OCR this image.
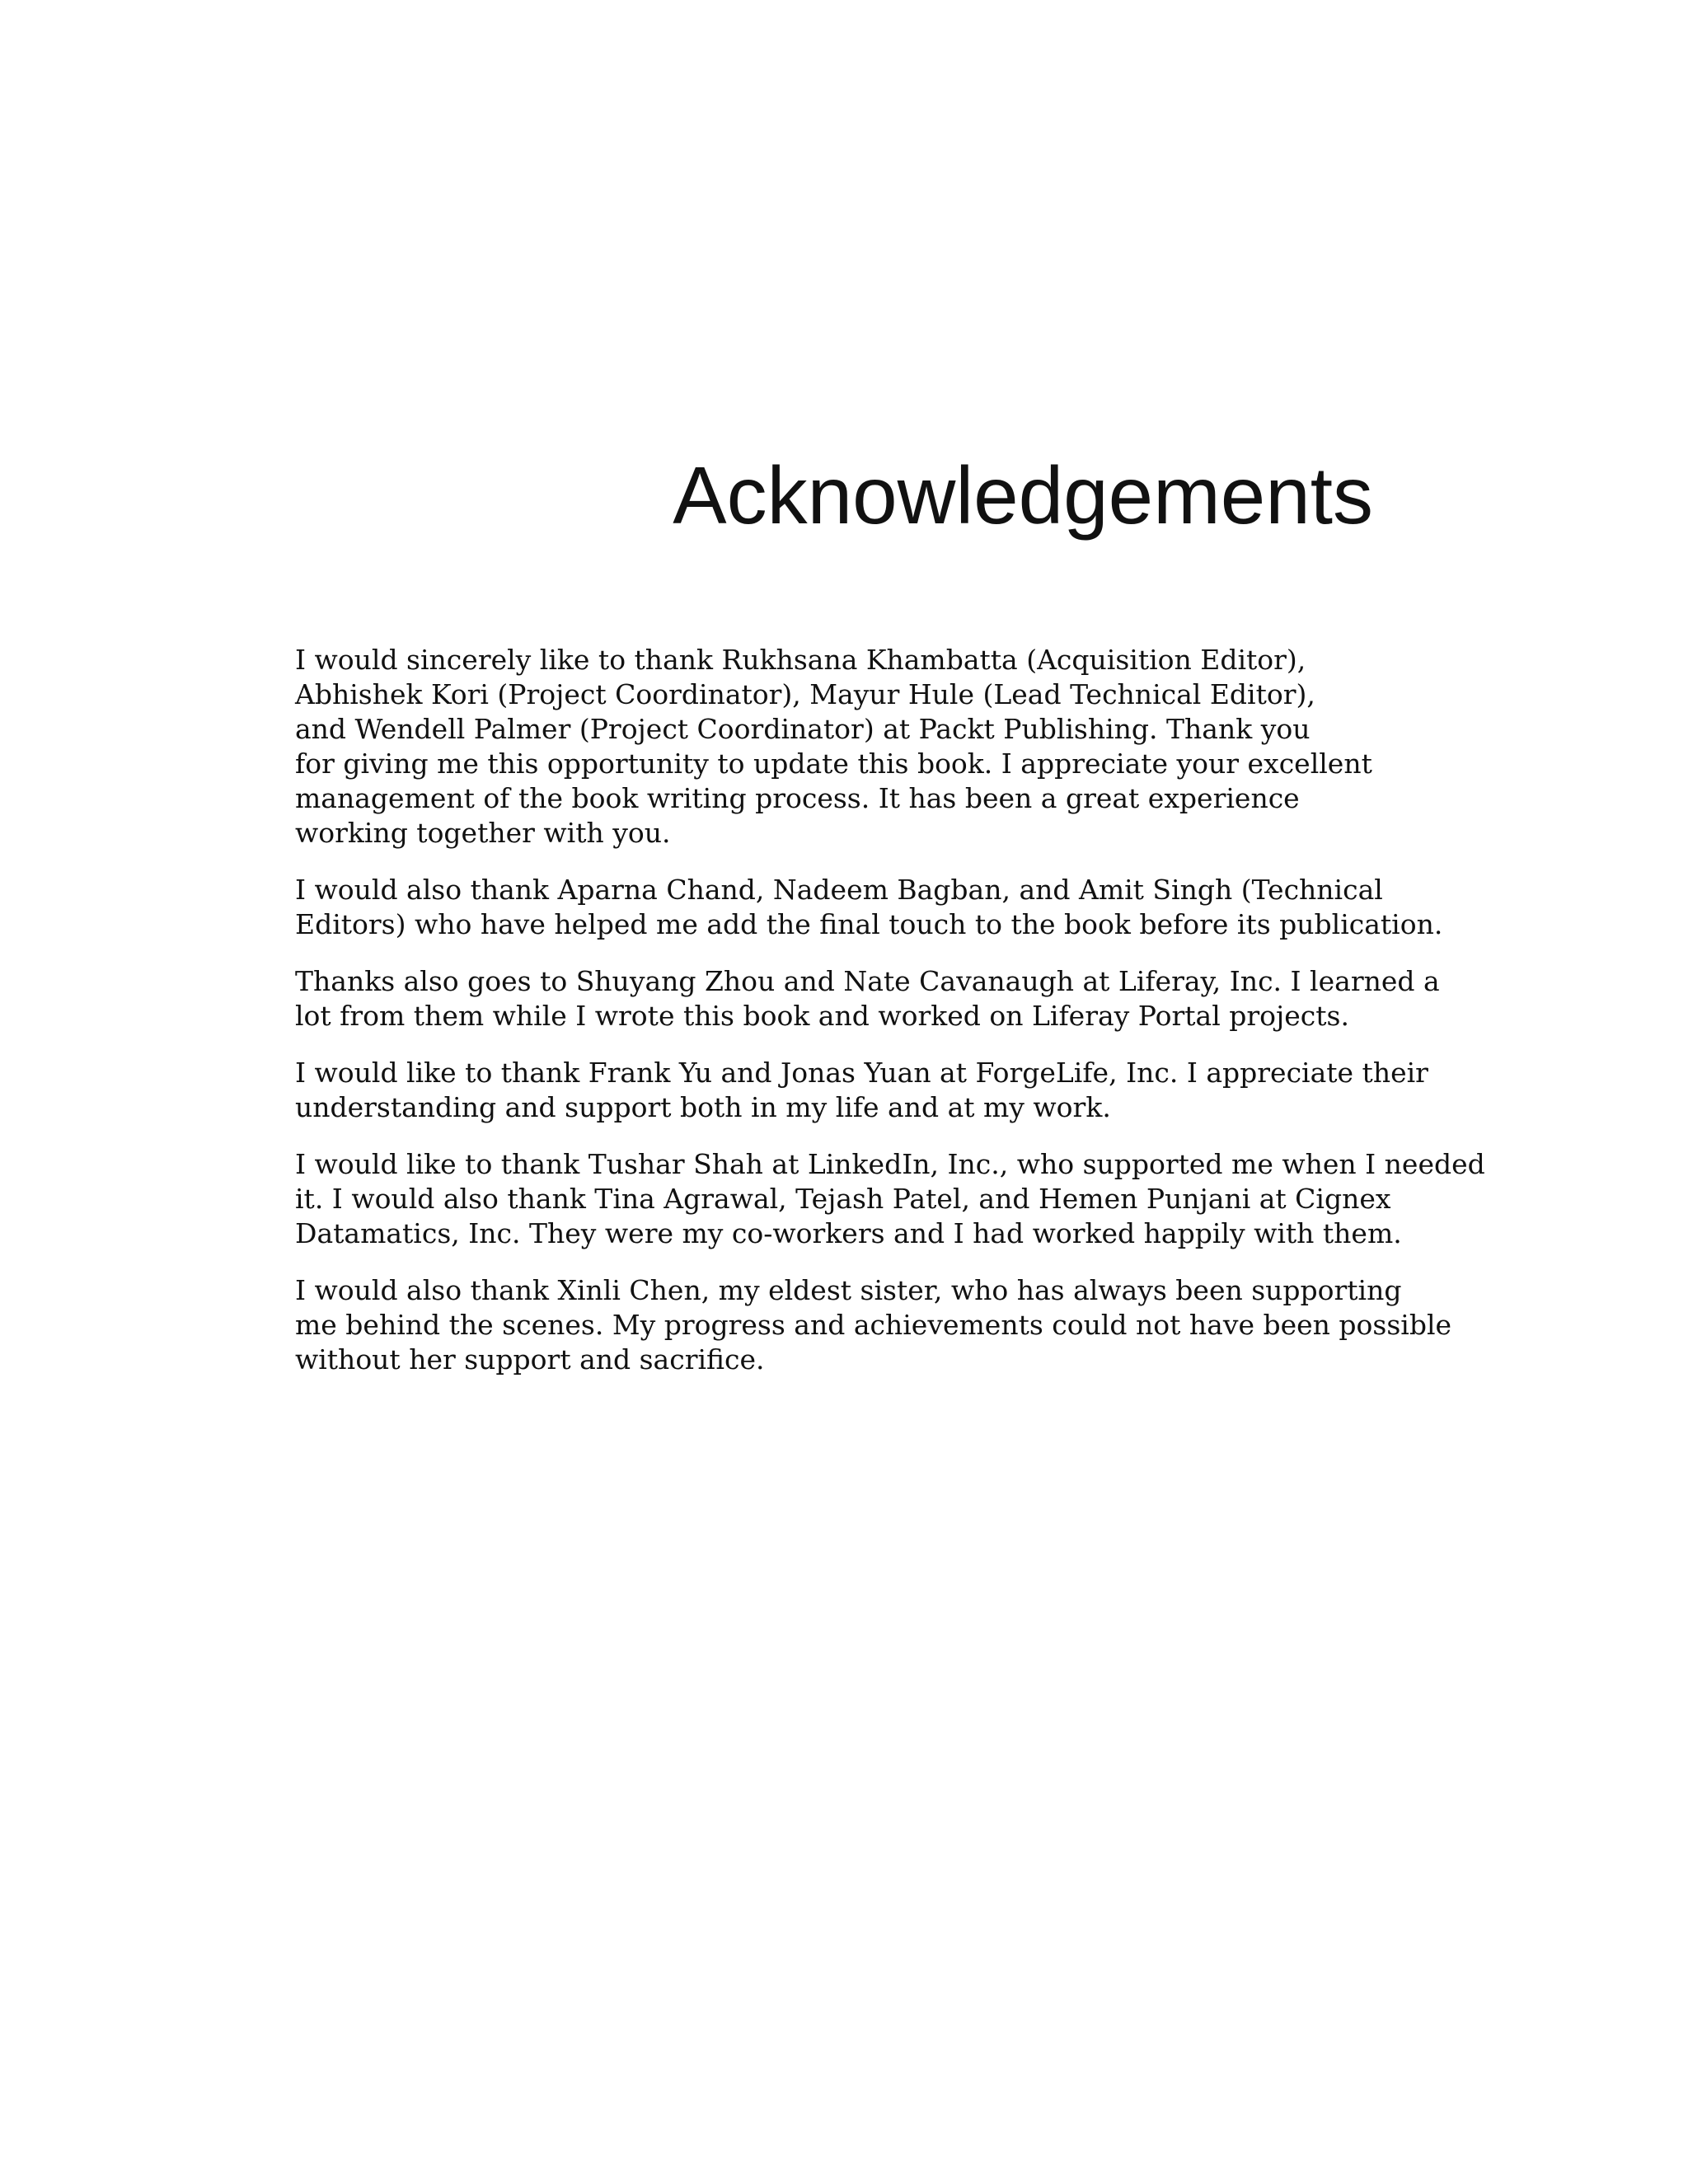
Acknowledgements

I would sincerely like to thank Rukhsana Khambatta (Acquisition Editor),
Abhishek Kori (Project Coordinator), Mayur Hule (Lead Technical Editor),
and Wendell Palmer (Project Coordinator) at Packt Publishing. Thank you
for giving me this opportunity to update this book. I appreciate your excellent
management of the book writing process. It has been a great experience
working together with you.

I would also thank Aparna Chand, Nadeem Bagban, and Amit Singh (Technical
Editors) who have helped me add the final touch to the book before its publication.

Thanks also goes to Shuyang Zhou and Nate Cavanaugh at Liferay, Inc. I learned a
lot from them while I wrote this book and worked on Liferay Portal projects.

I would like to thank Frank Yu and Jonas Yuan at ForgeLife, Inc. I appreciate their
understanding and support both in my life and at my work.

I would like to thank Tushar Shah at LinkedIn, Inc., who supported me when I needed
it. I would also thank Tina Agrawal, Tejash Patel, and Hemen Punjani at Cignex
Datamatics, Inc. They were my co-workers and I had worked happily with them.

I would also thank Xinli Chen, my eldest sister, who has always been supporting
me behind the scenes. My progress and achievements could not have been possible
without her support and sacrifice.
